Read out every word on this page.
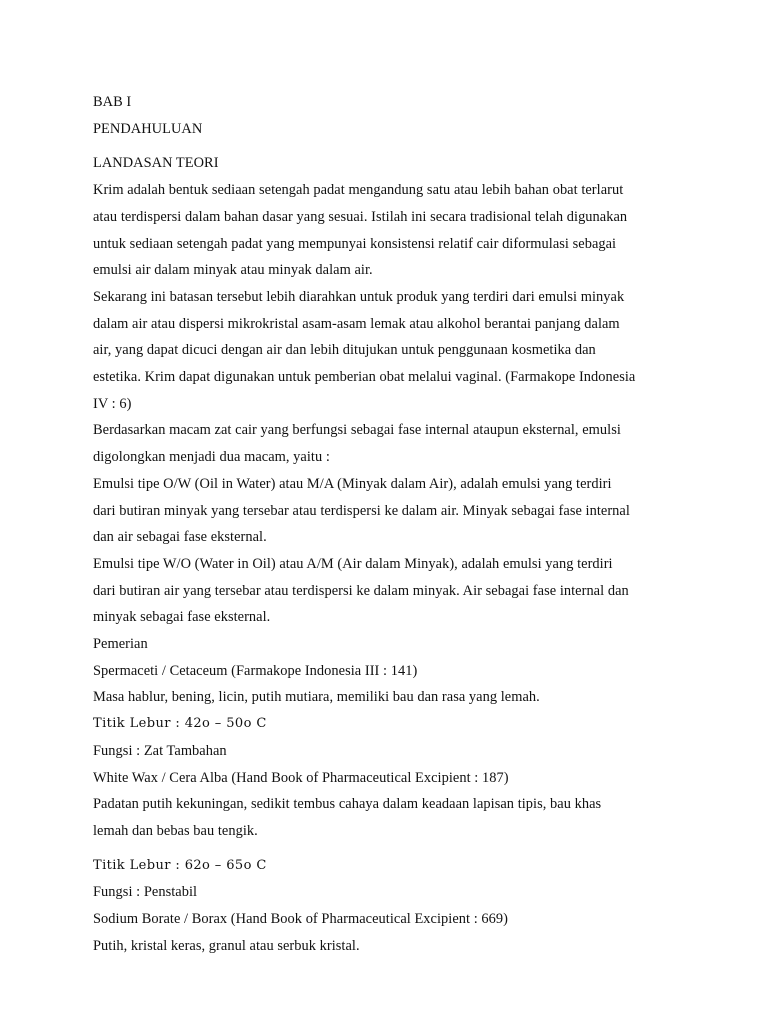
BAB I
PENDAHULUAN
LANDASAN TEORI
Krim adalah bentuk sediaan setengah padat mengandung satu atau lebih bahan obat terlarut
atau terdispersi dalam bahan dasar yang sesuai. Istilah ini secara tradisional telah digunakan
untuk sediaan setengah padat yang mempunyai konsistensi relatif cair diformulasi sebagai
emulsi air dalam minyak atau minyak dalam air.
Sekarang ini batasan tersebut lebih diarahkan untuk produk yang terdiri dari emulsi minyak
dalam air atau dispersi mikrokristal asam-asam lemak atau alkohol berantai panjang dalam
air, yang dapat dicuci dengan air dan lebih ditujukan untuk penggunaan kosmetika dan
estetika. Krim dapat digunakan untuk pemberian obat melalui vaginal. (Farmakope Indonesia
IV : 6)
Berdasarkan macam zat cair yang berfungsi sebagai fase internal ataupun eksternal, emulsi
digolongkan menjadi dua macam, yaitu :
Emulsi tipe O/W (Oil in Water) atau M/A (Minyak dalam Air), adalah emulsi yang terdiri
dari butiran minyak yang tersebar atau terdispersi ke dalam air. Minyak sebagai fase internal
dan air sebagai fase eksternal.
Emulsi tipe W/O (Water in Oil) atau A/M (Air dalam Minyak), adalah emulsi yang terdiri
dari butiran air yang tersebar atau terdispersi ke dalam minyak. Air sebagai fase internal dan
minyak sebagai fase eksternal.
Pemerian
Spermaceti / Cetaceum (Farmakope Indonesia III : 141)
Masa hablur, bening, licin, putih mutiara, memiliki bau dan rasa yang lemah.
Titik Lebur : 42o – 50o C
Fungsi : Zat Tambahan
White Wax / Cera Alba (Hand Book of Pharmaceutical Excipient : 187)
Padatan putih kekuningan, sedikit tembus cahaya dalam keadaan lapisan tipis, bau khas
lemah dan bebas bau tengik.
Titik Lebur : 62o – 65o C
Fungsi : Penstabil
Sodium Borate / Borax (Hand Book of Pharmaceutical Excipient : 669)
Putih, kristal keras, granul atau serbuk kristal.
